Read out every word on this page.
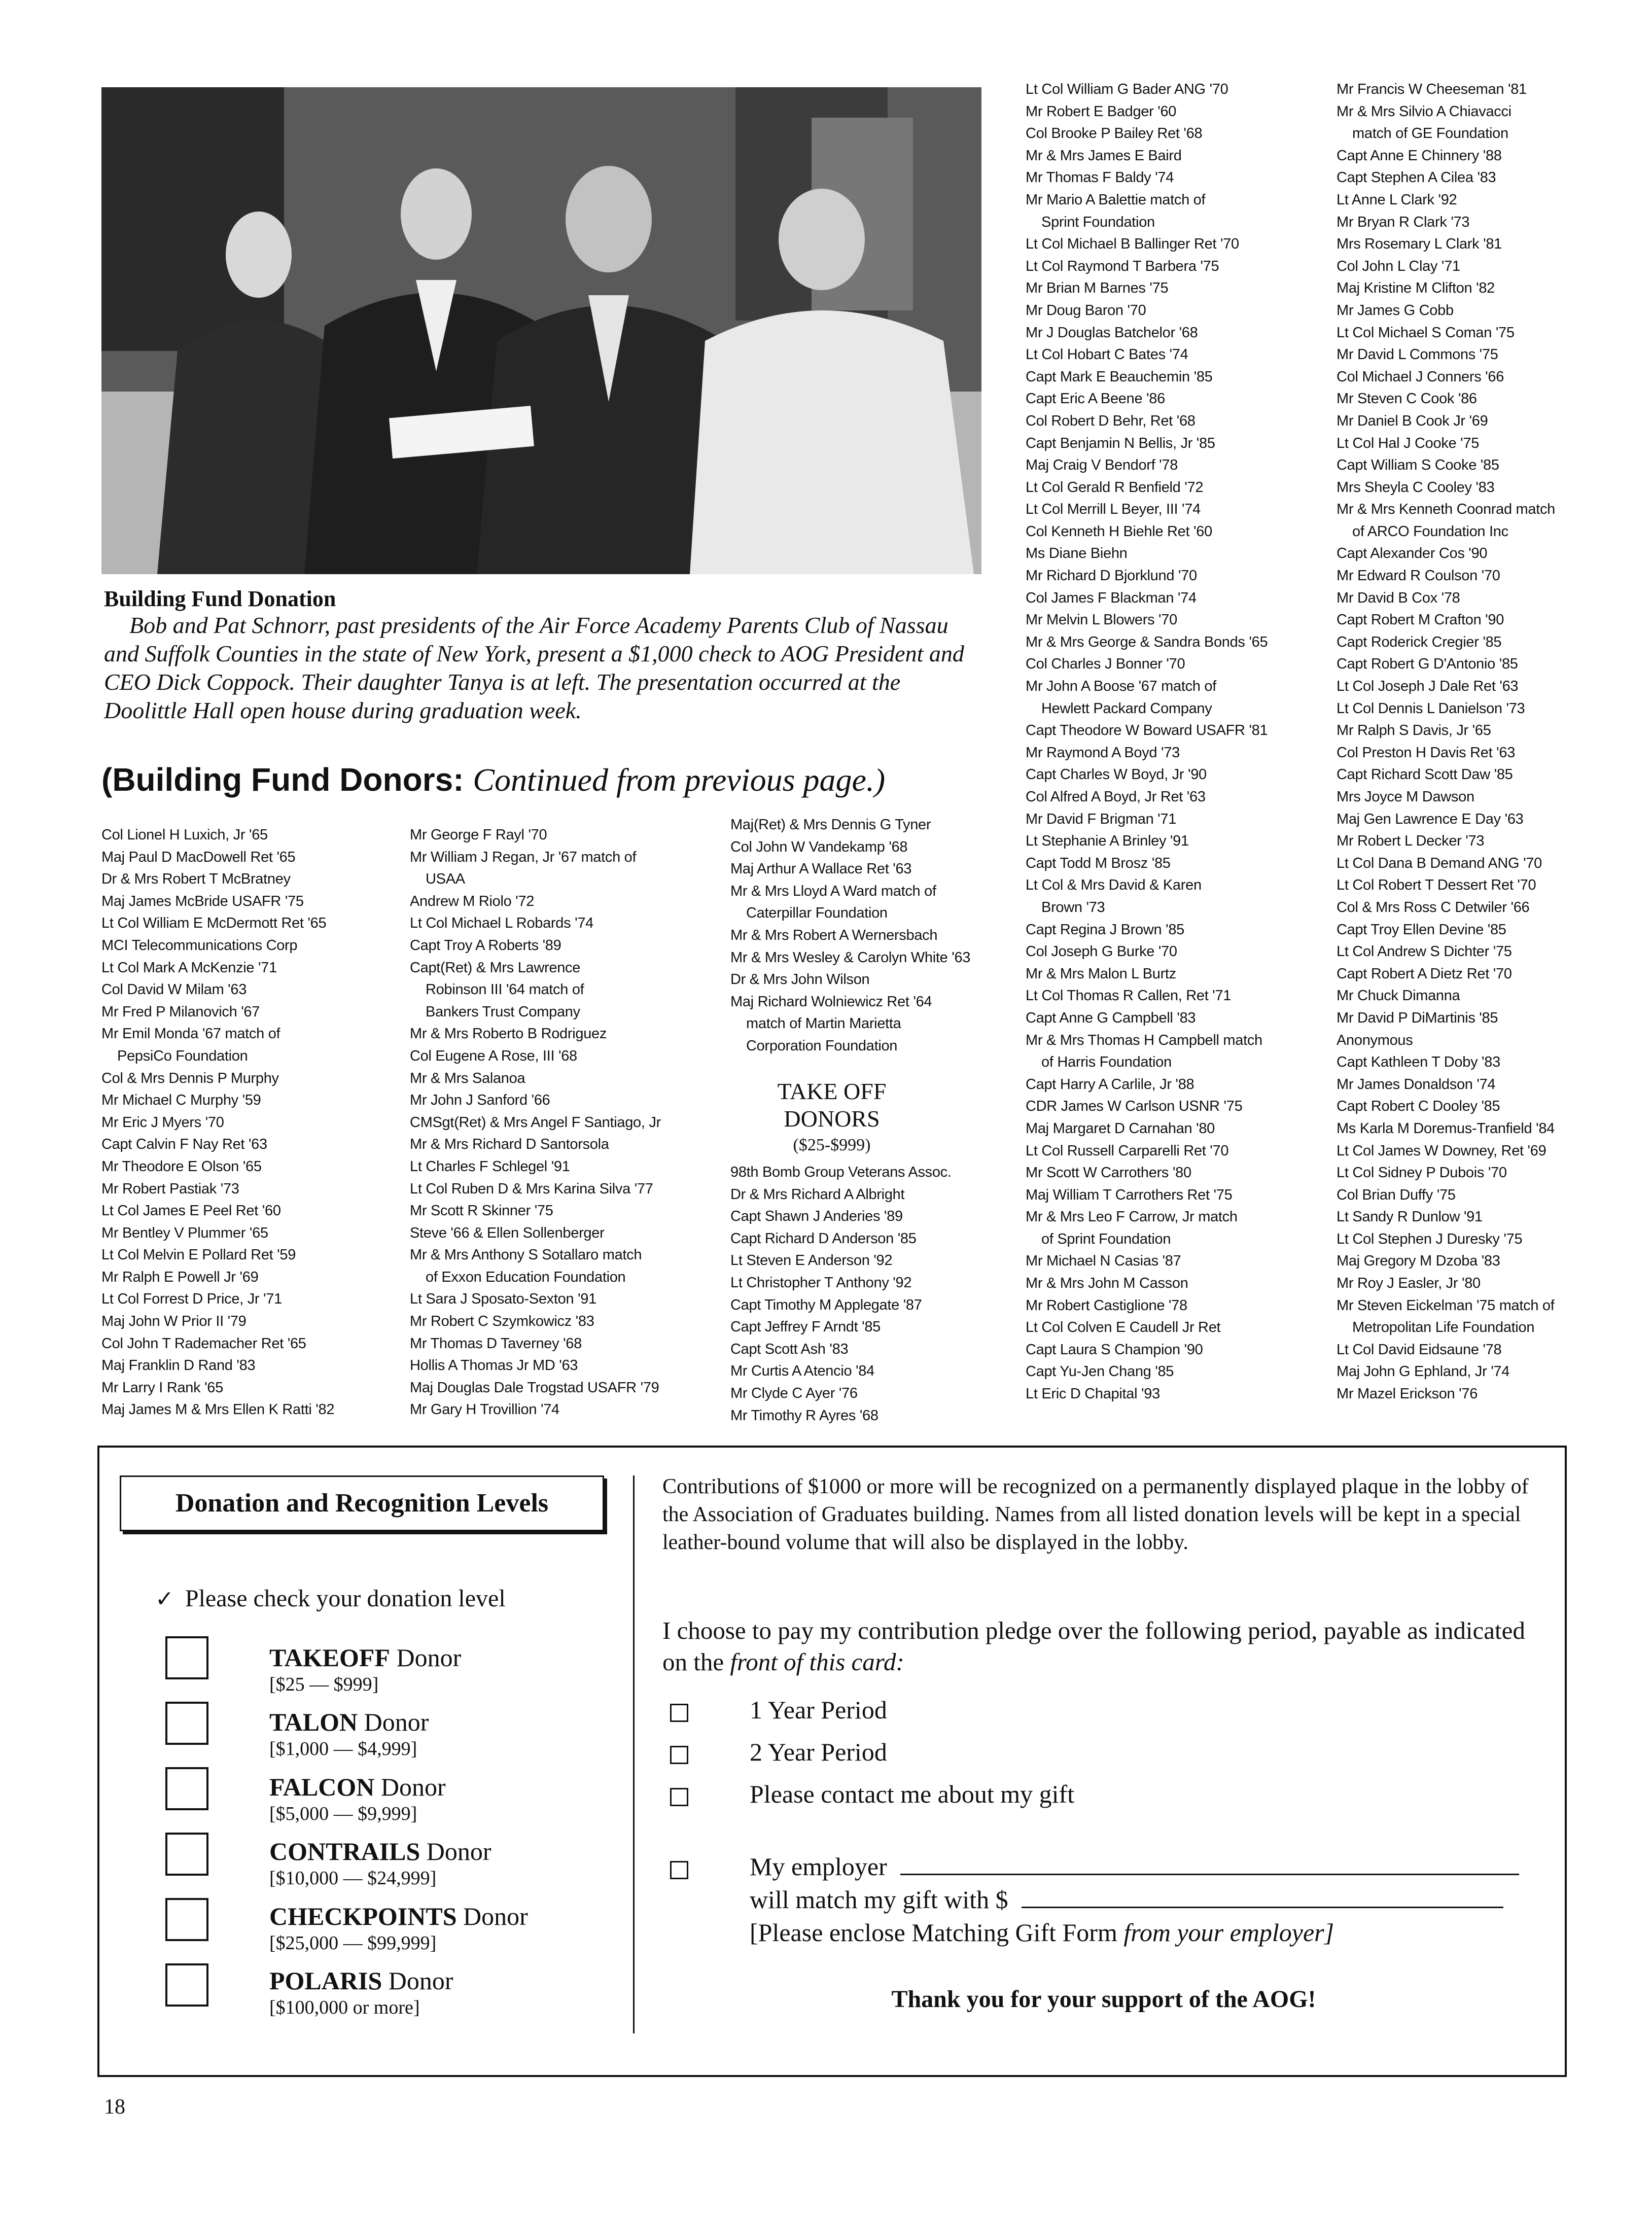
Building Fund Donation
Bob and Pat Schnorr, past presidents of the Air Force Academy Parents Club of Nassau and Suffolk Counties in the state of New York, present a $1,000 check to AOG President and CEO Dick Coppock. Their daughter Tanya is at left. The presentation occurred at the Doolittle Hall open house during graduation week.
(Building Fund Donors: Continued from previous page.)
Col Lionel H Luxich, Jr '65
Maj Paul D MacDowell Ret '65
Dr & Mrs Robert T McBratney
Maj James McBride USAFR '75
Lt Col William E McDermott Ret '65
MCI Telecommunications Corp
Lt Col Mark A McKenzie '71
Col David W Milam '63
Mr Fred P Milanovich '67
Mr Emil Monda '67 match of
PepsiCo Foundation
Col & Mrs Dennis P Murphy
Mr Michael C Murphy '59
Mr Eric J Myers '70
Capt Calvin F Nay Ret '63
Mr Theodore E Olson '65
Mr Robert Pastiak '73
Lt Col James E Peel Ret '60
Mr Bentley V Plummer '65
Lt Col Melvin E Pollard Ret '59
Mr Ralph E Powell Jr '69
Lt Col Forrest D Price, Jr '71
Maj John W Prior II '79
Col John T Rademacher Ret '65
Maj Franklin D Rand '83
Mr Larry I Rank '65
Maj James M & Mrs Ellen K Ratti '82
Mr George F Rayl '70
Mr William J Regan, Jr '67 match of
USAA
Andrew M Riolo '72
Lt Col Michael L Robards '74
Capt Troy A Roberts '89
Capt(Ret) & Mrs Lawrence
Robinson III '64 match of
Bankers Trust Company
Mr & Mrs Roberto B Rodriguez
Col Eugene A Rose, III '68
Mr & Mrs Salanoa
Mr John J Sanford '66
CMSgt(Ret) & Mrs Angel F Santiago, Jr
Mr & Mrs Richard D Santorsola
Lt Charles F Schlegel '91
Lt Col Ruben D & Mrs Karina Silva '77
Mr Scott R Skinner '75
Steve '66 & Ellen Sollenberger
Mr & Mrs Anthony S Sotallaro match
of Exxon Education Foundation
Lt Sara J Sposato-Sexton '91
Mr Robert C Szymkowicz '83
Mr Thomas D Taverney '68
Hollis A Thomas Jr MD '63
Maj Douglas Dale Trogstad USAFR '79
Mr Gary H Trovillion '74
Maj(Ret) & Mrs Dennis G Tyner
Col John W Vandekamp '68
Maj Arthur A Wallace Ret '63
Mr & Mrs Lloyd A Ward match of
Caterpillar Foundation
Mr & Mrs Robert A Wernersbach
Mr & Mrs Wesley & Carolyn White '63
Dr & Mrs John Wilson
Maj Richard Wolniewicz Ret '64
match of Martin Marietta
Corporation Foundation
TAKE OFF
DONORS
($25-$999)
98th Bomb Group Veterans Assoc.
Dr & Mrs Richard A Albright
Capt Shawn J Anderies '89
Capt Richard D Anderson '85
Lt Steven E Anderson '92
Lt Christopher T Anthony '92
Capt Timothy M Applegate '87
Capt Jeffrey F Arndt '85
Capt Scott Ash '83
Mr Curtis A Atencio '84
Mr Clyde C Ayer '76
Mr Timothy R Ayres '68
Lt Col William G Bader ANG '70
Mr Robert E Badger '60
Col Brooke P Bailey Ret '68
Mr & Mrs James E Baird
Mr Thomas F Baldy '74
Mr Mario A Balettie match of
Sprint Foundation
Lt Col Michael B Ballinger Ret '70
Lt Col Raymond T Barbera '75
Mr Brian M Barnes '75
Mr Doug Baron '70
Mr J Douglas Batchelor '68
Lt Col Hobart C Bates '74
Capt Mark E Beauchemin '85
Capt Eric A Beene '86
Col Robert D Behr, Ret '68
Capt Benjamin N Bellis, Jr '85
Maj Craig V Bendorf '78
Lt Col Gerald R Benfield '72
Lt Col Merrill L Beyer, III '74
Col Kenneth H Biehle Ret '60
Ms Diane Biehn
Mr Richard D Bjorklund '70
Col James F Blackman '74
Mr Melvin L Blowers '70
Mr & Mrs George & Sandra Bonds '65
Col Charles J Bonner '70
Mr John A Boose '67 match of
Hewlett Packard Company
Capt Theodore W Boward USAFR '81
Mr Raymond A Boyd '73
Capt Charles W Boyd, Jr '90
Col Alfred A Boyd, Jr Ret '63
Mr David F Brigman '71
Lt Stephanie A Brinley '91
Capt Todd M Brosz '85
Lt Col & Mrs David & Karen
Brown '73
Capt Regina J Brown '85
Col Joseph G Burke '70
Mr & Mrs Malon L Burtz
Lt Col Thomas R Callen, Ret '71
Capt Anne G Campbell '83
Mr & Mrs Thomas H Campbell match
of Harris Foundation
Capt Harry A Carlile, Jr '88
CDR James W Carlson USNR '75
Maj Margaret D Carnahan '80
Lt Col Russell Carparelli Ret '70
Mr Scott W Carrothers '80
Maj William T Carrothers Ret '75
Mr & Mrs Leo F Carrow, Jr match
of Sprint Foundation
Mr Michael N Casias '87
Mr & Mrs John M Casson
Mr Robert Castiglione '78
Lt Col Colven E Caudell Jr Ret
Capt Laura S Champion '90
Capt Yu-Jen Chang '85
Lt Eric D Chapital '93
Mr Francis W Cheeseman '81
Mr & Mrs Silvio A Chiavacci
match of GE Foundation
Capt Anne E Chinnery '88
Capt Stephen A Cilea '83
Lt Anne L Clark '92
Mr Bryan R Clark '73
Mrs Rosemary L Clark '81
Col John L Clay '71
Maj Kristine M Clifton '82
Mr James G Cobb
Lt Col Michael S Coman '75
Mr David L Commons '75
Col Michael J Conners '66
Mr Steven C Cook '86
Mr Daniel B Cook Jr '69
Lt Col Hal J Cooke '75
Capt William S Cooke '85
Mrs Sheyla C Cooley '83
Mr & Mrs Kenneth Coonrad match
of ARCO Foundation Inc
Capt Alexander Cos '90
Mr Edward R Coulson '70
Mr David B Cox '78
Capt Robert M Crafton '90
Capt Roderick Cregier '85
Capt Robert G D'Antonio '85
Lt Col Joseph J Dale Ret '63
Lt Col Dennis L Danielson '73
Mr Ralph S Davis, Jr '65
Col Preston H Davis Ret '63
Capt Richard Scott Daw '85
Mrs Joyce M Dawson
Maj Gen Lawrence E Day '63
Mr Robert L Decker '73
Lt Col Dana B Demand ANG '70
Lt Col Robert T Dessert Ret '70
Col & Mrs Ross C Detwiler '66
Capt Troy Ellen Devine '85
Lt Col Andrew S Dichter '75
Capt Robert A Dietz Ret '70
Mr Chuck Dimanna
Mr David P DiMartinis '85
Anonymous
Capt Kathleen T Doby '83
Mr James Donaldson '74
Capt Robert C Dooley '85
Ms Karla M Doremus-Tranfield '84
Lt Col James W Downey, Ret '69
Lt Col Sidney P Dubois '70
Col Brian Duffy '75
Lt Sandy R Dunlow '91
Lt Col Stephen J Duresky '75
Maj Gregory M Dzoba '83
Mr Roy J Easler, Jr '80
Mr Steven Eickelman '75 match of
Metropolitan Life Foundation
Lt Col David Eidsaune '78
Maj John G Ephland, Jr '74
Mr Mazel Erickson '76
Donation and Recognition Levels
✓ Please check your donation level
TAKEOFF Donor
[$25 — $999]
TALON Donor
[$1,000 — $4,999]
FALCON Donor
[$5,000 — $9,999]
CONTRAILS Donor
[$10,000 — $24,999]
CHECKPOINTS Donor
[$25,000 — $99,999]
POLARIS Donor
[$100,000 or more]
Contributions of $1000 or more will be recognized on a permanently displayed plaque in the lobby of the Association of Graduates building. Names from all listed donation levels will be kept in a special leather-bound volume that will also be displayed in the lobby.
I choose to pay my contribution pledge over the following period, payable as indicated on the front of this card:
1 Year Period
2 Year Period
Please contact me about my gift
My employer
will match my gift with $
[Please enclose Matching Gift Form from your employer]
Thank you for your support of the AOG!
18
